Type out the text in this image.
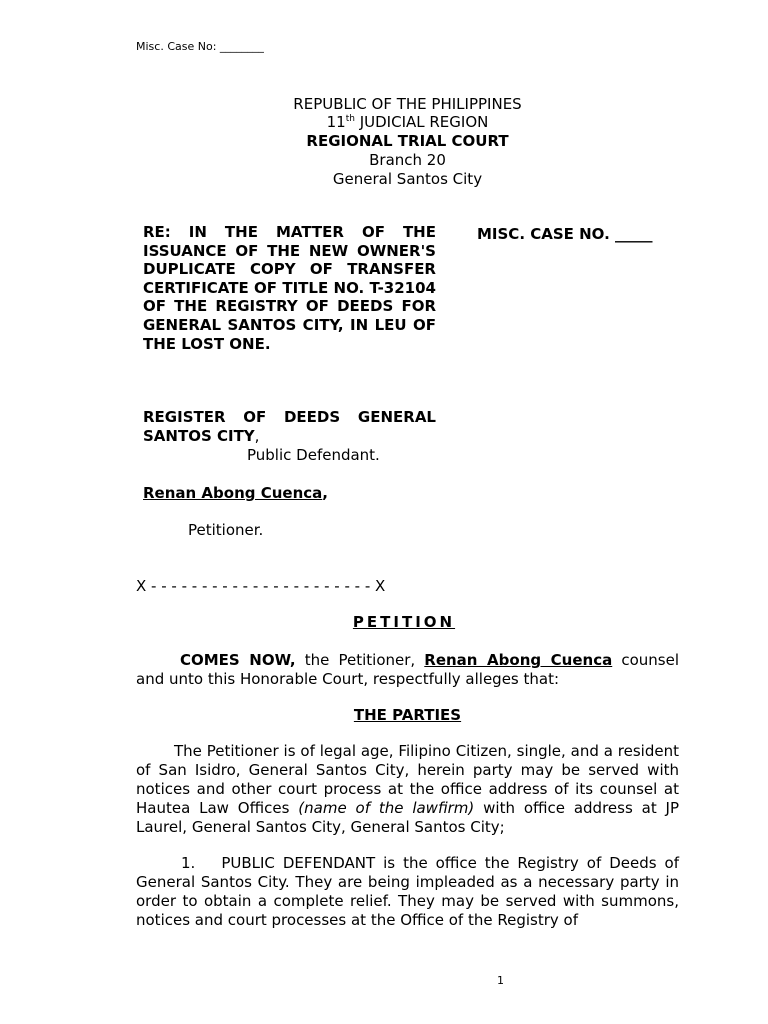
Misc. Case No: ________
REPUBLIC OF THE PHILIPPINES
11th JUDICIAL REGION
REGIONAL TRIAL COURT
Branch 20
General Santos City
RE: IN THE MATTER OF THE ISSUANCE OF THE NEW OWNER'S DUPLICATE COPY OF TRANSFER CERTIFICATE OF TITLE NO. T-32104 OF THE REGISTRY OF DEEDS FOR GENERAL SANTOS CITY, IN LEU OF THE LOST ONE.
MISC. CASE NO. _____
REGISTER OF DEEDS GENERAL SANTOS CITY,
Public Defendant.
Renan Abong Cuenca,
Petitioner.
X - - - - - - - - - - - - - - - - - - - - - - X
PETITION
COMES NOW, the Petitioner, Renan Abong Cuenca counsel and unto this Honorable Court, respectfully alleges that:
THE PARTIES
The Petitioner is of legal age, Filipino Citizen, single, and a resident of San Isidro, General Santos City, herein party may be served with notices and other court process at the office address of its counsel at Hautea Law Offices (name of the lawfirm) with office address at JP Laurel, General Santos City, General Santos City;
1. PUBLIC DEFENDANT is the office the Registry of Deeds of General Santos City. They are being impleaded as a necessary party in order to obtain a complete relief. They may be served with summons, notices and court processes at the Office of the Registry of
1
